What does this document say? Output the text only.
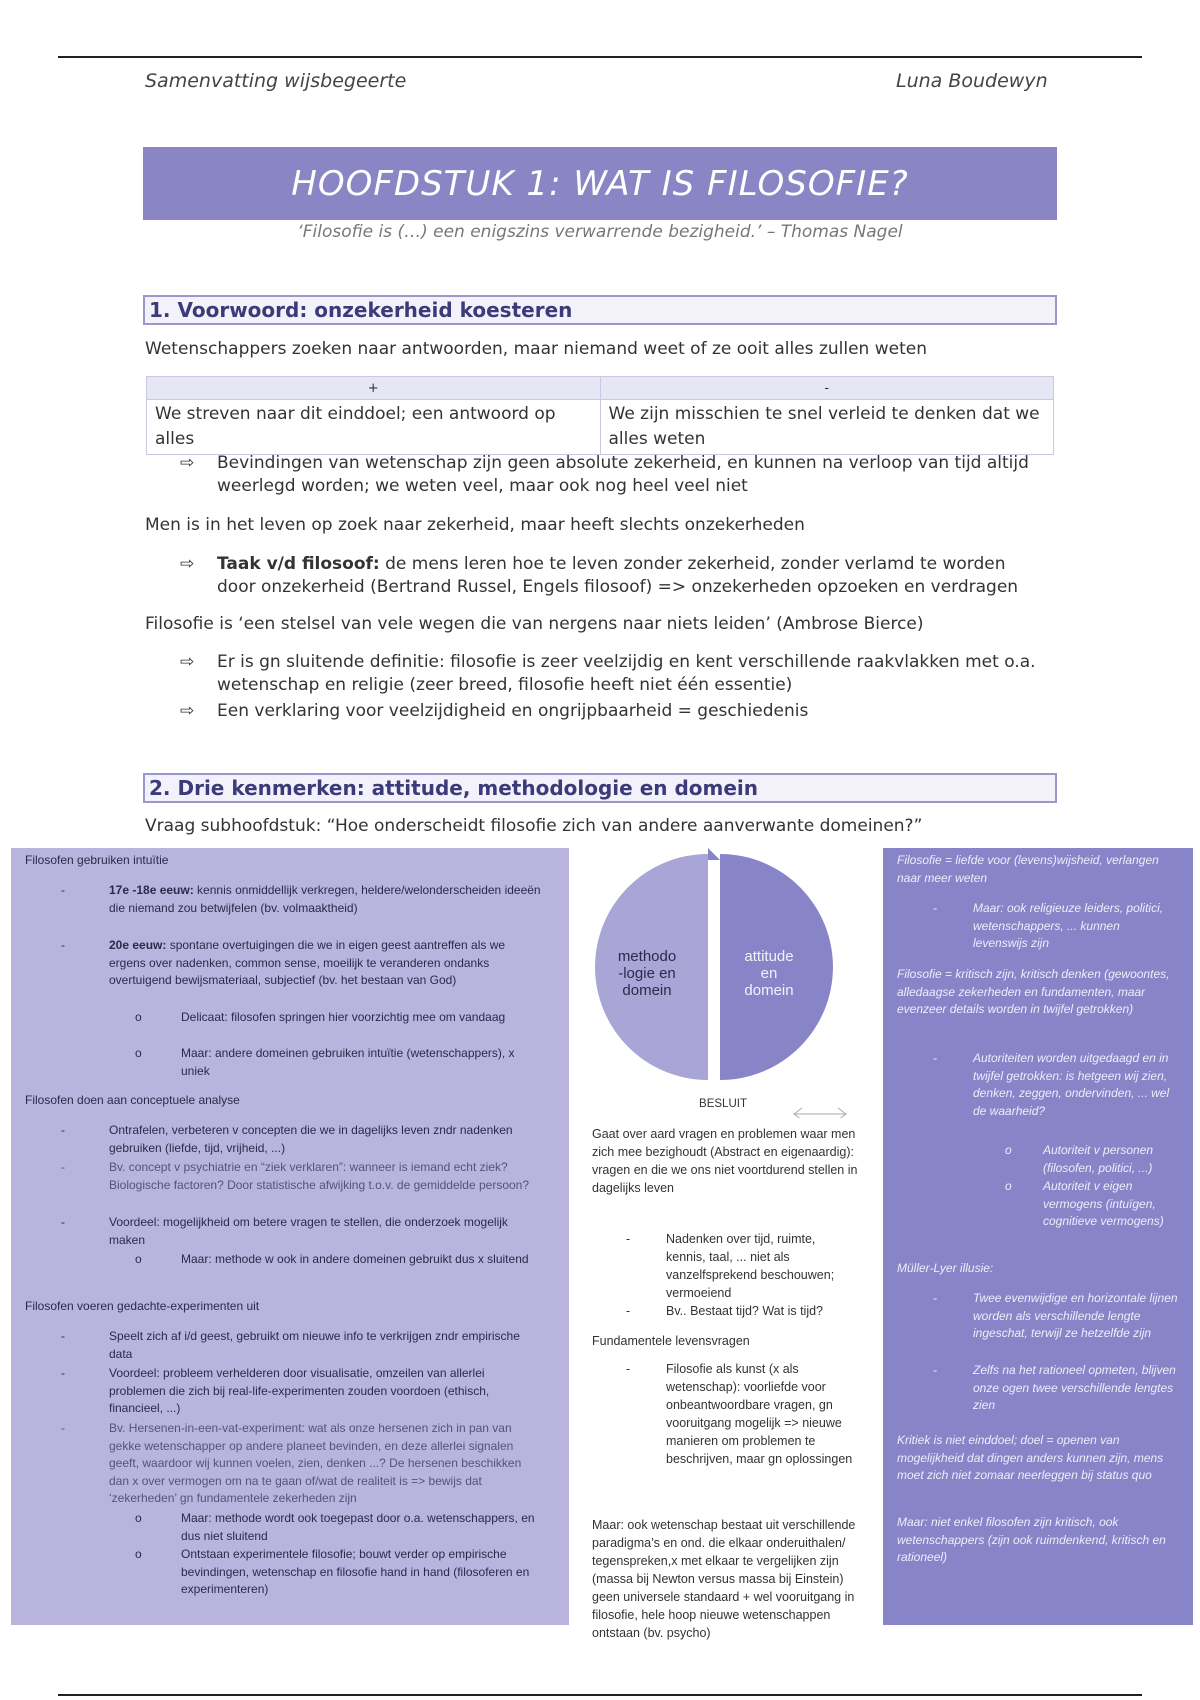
Samenvatting wijsbegeerte	Luna Boudewyn
HOOFDSTUK 1: WAT IS FILOSOFIE?
‘Filosofie is (…) een enigszins verwarrende bezigheid.’ – Thomas Nagel
1. Voorwoord: onzekerheid koesteren
Wetenschappers zoeken naar antwoorden, maar niemand weet of ze ooit alles zullen weten
+	-
We streven naar dit einddoel; een antwoord op alles	We zijn misschien te snel verleid te denken dat we alles weten
⇨	Bevindingen van wetenschap zijn geen absolute zekerheid, en kunnen na verloop van tijd altijd weerlegd worden; we weten veel, maar ook nog heel veel niet
Men is in het leven op zoek naar zekerheid, maar heeft slechts onzekerheden
⇨	Taak v/d filosoof: de mens leren hoe te leven zonder zekerheid, zonder verlamd te worden door onzekerheid (Bertrand Russel, Engels filosoof) => onzekerheden opzoeken en verdragen
Filosofie is ‘een stelsel van vele wegen die van nergens naar niets leiden’ (Ambrose Bierce)
⇨	Er is gn sluitende definitie: filosofie is zeer veelzijdig en kent verschillende raakvlakken met o.a. wetenschap en religie (zeer breed, filosofie heeft niet één essentie)
⇨	Een verklaring voor veelzijdigheid en ongrijpbaarheid = geschiedenis
2. Drie kenmerken: attitude, methodologie en domein
Vraag subhoofdstuk: “Hoe onderscheidt filosofie zich van andere aanverwante domeinen?”
Filosofen gebruiken intuïtie
-	17e -18e eeuw: kennis onmiddellijk verkregen, heldere/welonderscheiden ideeën die niemand zou betwijfelen (bv. volmaaktheid)
-	20e eeuw: spontane overtuigingen die we in eigen geest aantreffen als we ergens over nadenken, common sense, moeilijk te veranderen ondanks overtuigend bewijsmateriaal, subjectief (bv. het bestaan van God)
o	Delicaat: filosofen springen hier voorzichtig mee om vandaag
o	Maar: andere domeinen gebruiken intuïtie (wetenschappers), x uniek
Filosofen doen aan conceptuele analyse
-	Ontrafelen, verbeteren v concepten die we in dagelijks leven zndr nadenken gebruiken (liefde, tijd, vrijheid, ...)
-	Bv. concept v psychiatrie en “ziek verklaren”: wanneer is iemand echt ziek? Biologische factoren? Door statistische afwijking t.o.v. de gemiddelde persoon?
-	Voordeel: mogelijkheid om betere vragen te stellen, die onderzoek mogelijk maken
o	Maar: methode w ook in andere domeinen gebruikt dus x sluitend
Filosofen voeren gedachte-experimenten uit
-	Speelt zich af i/d geest, gebruikt om nieuwe info te verkrijgen zndr empirische data
-	Voordeel: probleem verhelderen door visualisatie, omzeilen van allerlei problemen die zich bij real-life-experimenten zouden voordoen (ethisch, financieel, ...)
-	Bv. Hersenen-in-een-vat-experiment: wat als onze hersenen zich in pan van gekke wetenschapper op andere planeet bevinden, en deze allerlei signalen geeft, waardoor wij kunnen voelen, zien, denken ...? De hersenen beschikken dan x over vermogen om na te gaan of/wat de realiteit is => bewijs dat ‘zekerheden’ gn fundamentele zekerheden zijn
o	Maar: methode wordt ook toegepast door o.a. wetenschappers, en dus niet sluitend
o	Ontstaan experimentele filosofie; bouwt verder op empirische bevindingen, wetenschap en filosofie hand in hand (filosoferen en experimenteren)
methodo -logie en domein
attitude en domein
BESLUIT
Gaat over aard vragen en problemen waar men zich mee bezighoudt (Abstract en eigenaardig): vragen en die we ons niet voortdurend stellen in dagelijks leven
-	Nadenken over tijd, ruimte, kennis, taal, ... niet als vanzelfsprekend beschouwen; vermoeiend
-	Bv.. Bestaat tijd? Wat is tijd?
Fundamentele levensvragen
-	Filosofie als kunst (x als wetenschap): voorliefde voor onbeantwoordbare vragen, gn vooruitgang mogelijk => nieuwe manieren om problemen te beschrijven, maar gn oplossingen
Maar: ook wetenschap bestaat uit verschillende paradigma’s en ond. die elkaar onderuithalen/ tegenspreken,x met elkaar te vergelijken zijn (massa bij Newton versus massa bij Einstein) geen universele standaard + wel vooruitgang in filosofie, hele hoop nieuwe wetenschappen ontstaan (bv. psycho)
Filosofie = liefde voor (levens)wijsheid, verlangen naar meer weten
-	Maar: ook religieuze leiders, politici, wetenschappers, ... kunnen levenswijs zijn
Filosofie = kritisch zijn, kritisch denken (gewoontes, alledaagse zekerheden en fundamenten, maar evenzeer details worden in twijfel getrokken)
-	Autoriteiten worden uitgedaagd en in twijfel getrokken: is hetgeen wij zien, denken, zeggen, ondervinden, ... wel de waarheid?
o	Autoriteit v personen (filosofen, politici, ...)
o	Autoriteit v eigen vermogens (intuïgen, cognitieve vermogens)
Müller-Lyer illusie:
-	Twee evenwijdige en horizontale lijnen worden als verschillende lengte ingeschat, terwijl ze hetzelfde zijn
-	Zelfs na het rationeel opmeten, blijven onze ogen twee verschillende lengtes zien
Kritiek is niet einddoel; doel = openen van mogelijkheid dat dingen anders kunnen zijn, mens moet zich niet zomaar neerleggen bij status quo
Maar: niet enkel filosofen zijn kritisch, ook wetenschappers (zijn ook ruimdenkend, kritisch en rationeel)
